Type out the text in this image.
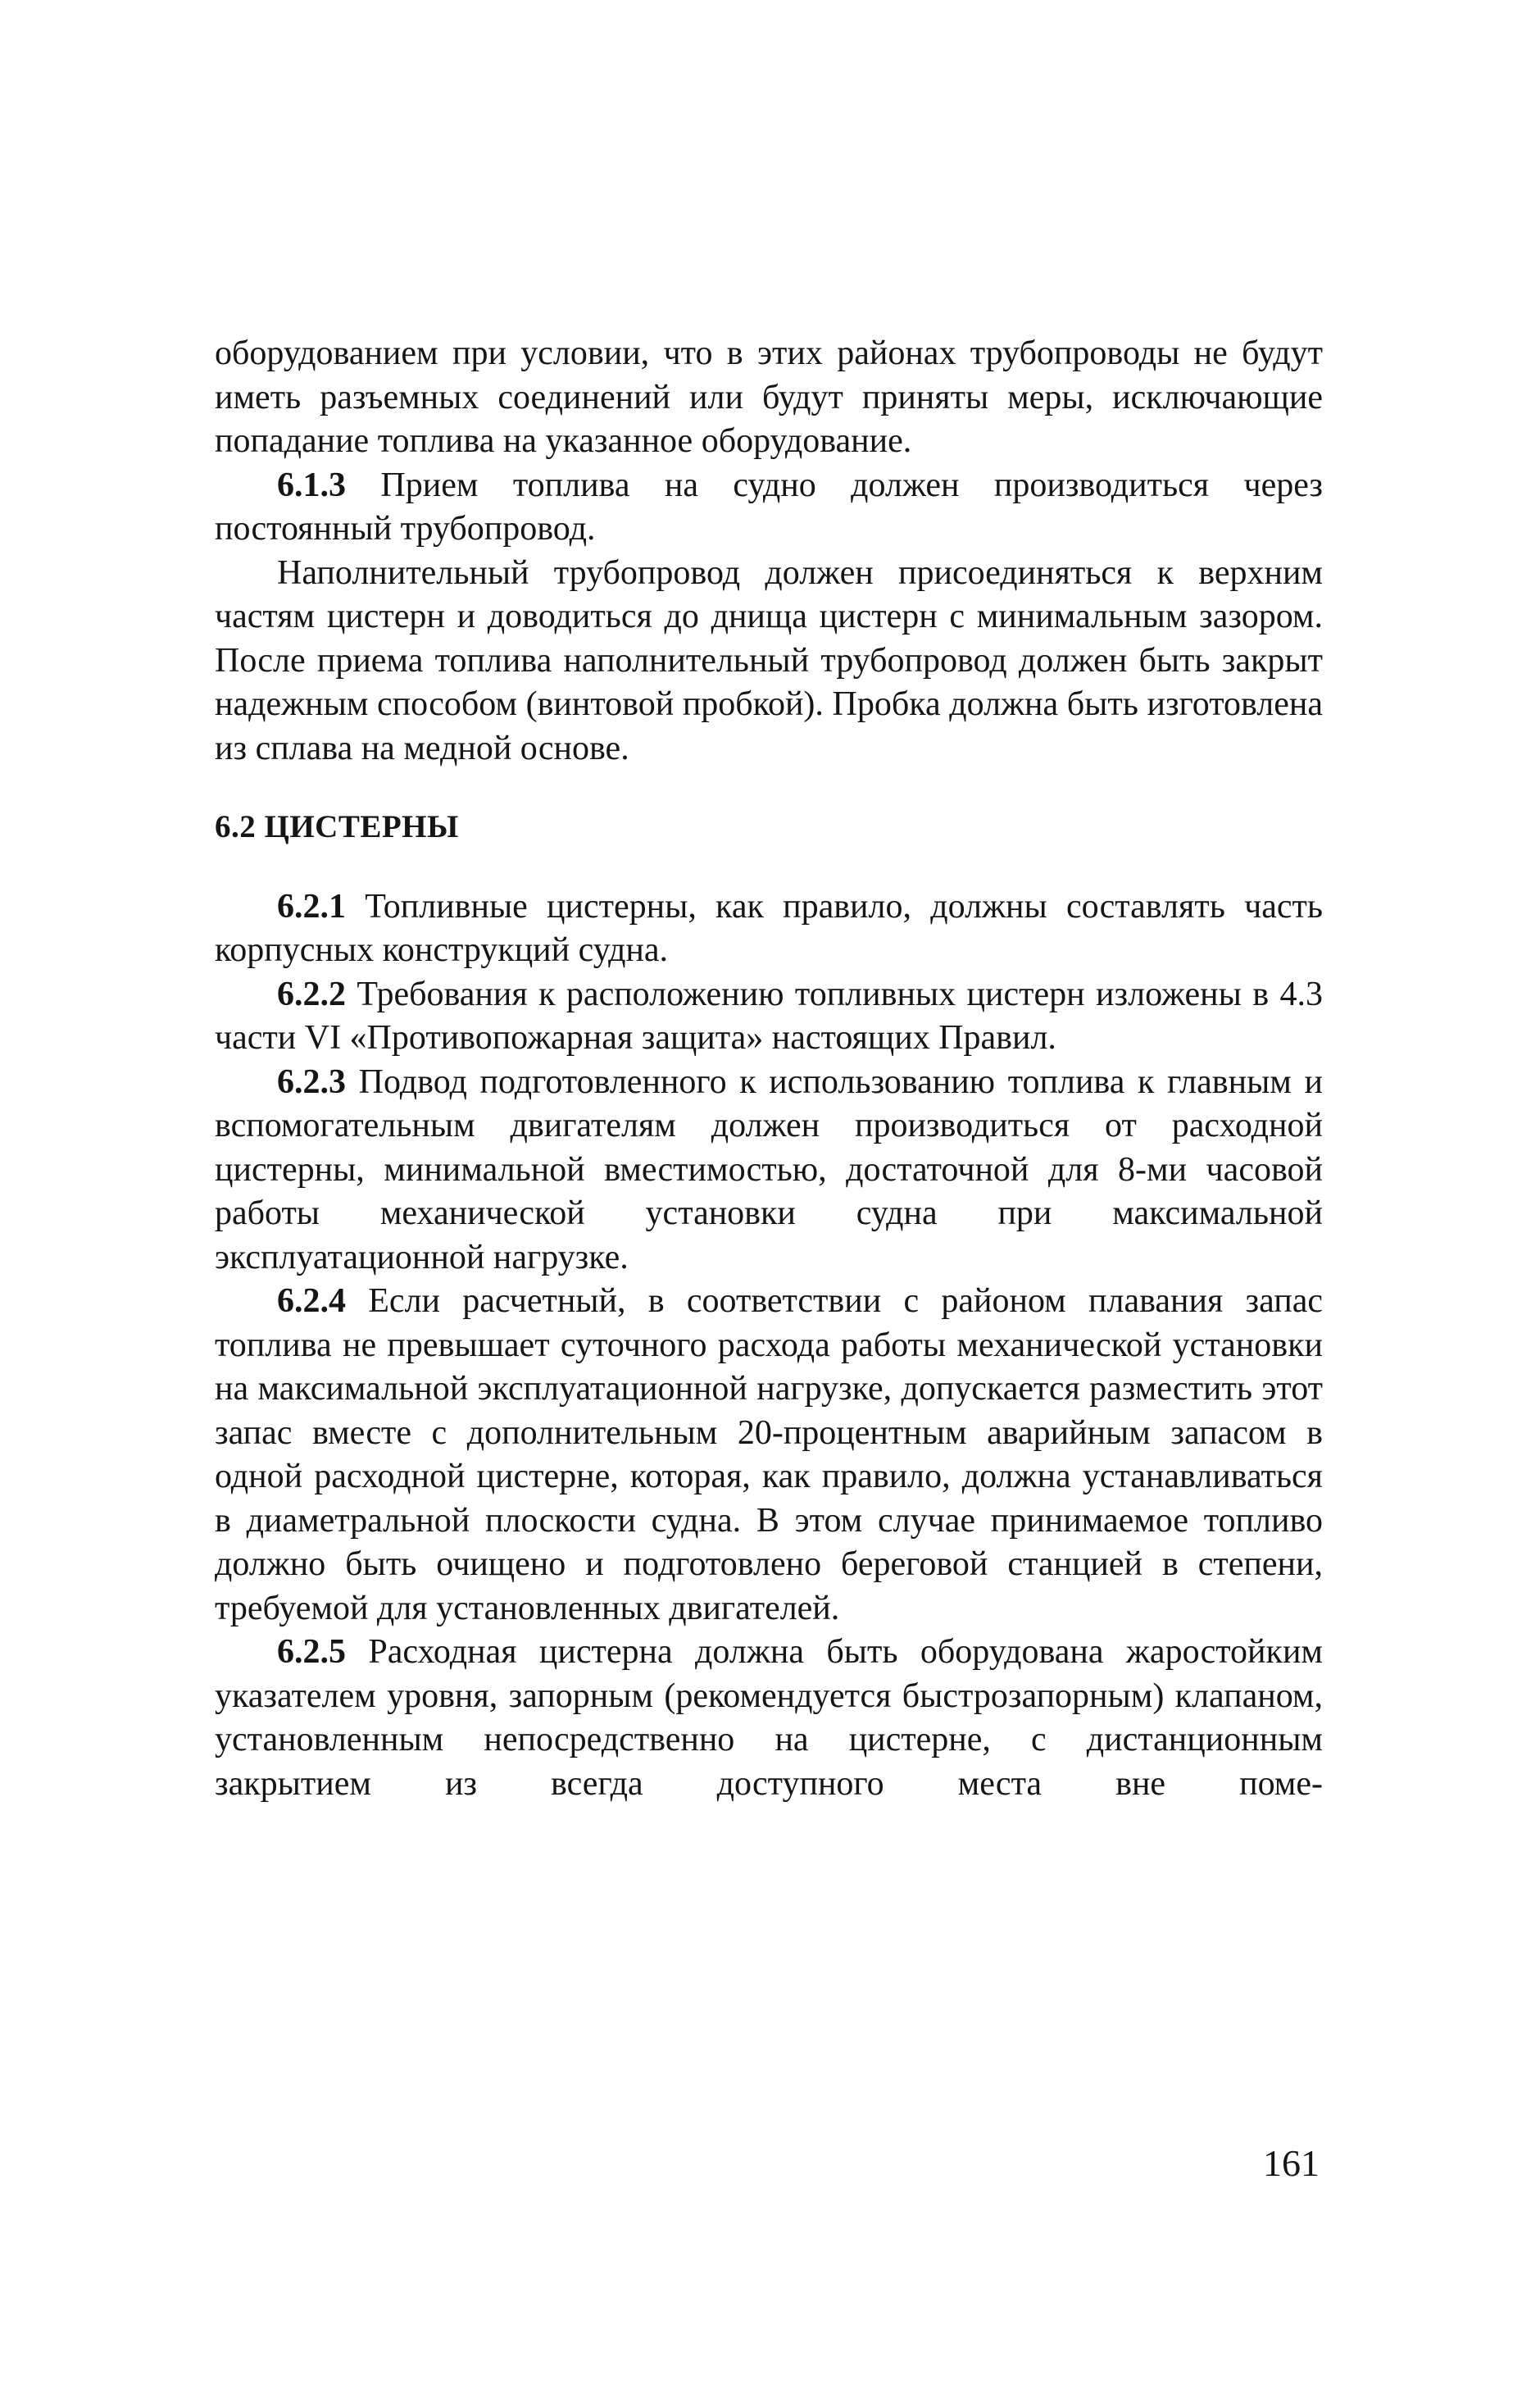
оборудованием при условии, что в этих районах трубопроводы не будут иметь разъемных соединений или будут приняты меры, исключающие попадание топлива на указанное оборудование.

6.1.3 Прием топлива на судно должен производиться через постоянный трубопровод.

Наполнительный трубопровод должен присоединяться к верхним частям цистерн и доводиться до днища цистерн с минимальным зазором. После приема топлива наполнительный трубопровод должен быть закрыт надежным способом (винтовой пробкой). Пробка должна быть изготовлена из сплава на медной основе.

6.2 ЦИСТЕРНЫ

6.2.1 Топливные цистерны, как правило, должны составлять часть корпусных конструкций судна.

6.2.2 Требования к расположению топливных цистерн изложены в 4.3 части VI «Противопожарная защита» настоящих Правил.

6.2.3 Подвод подготовленного к использованию топлива к главным и вспомогательным двигателям должен производиться от расходной цистерны, минимальной вместимостью, достаточной для 8-ми часовой работы механической установки судна при максимальной эксплуатационной нагрузке.

6.2.4 Если расчетный, в соответствии с районом плавания запас топлива не превышает суточного расхода работы механической установки на максимальной эксплуатационной нагрузке, допускается разместить этот запас вместе с дополнительным 20-процентным аварийным запасом в одной расходной цистерне, которая, как правило, должна устанавливаться в диаметральной плоскости судна. В этом случае принимаемое топливо должно быть очищено и подготовлено береговой станцией в степени, требуемой для установленных двигателей.

6.2.5 Расходная цистерна должна быть оборудована жаростойким указателем уровня, запорным (рекомендуется быстрозапорным) клапаном, установленным непосредственно на цистерне, с дистанционным закрытием из всегда доступного места вне поме-

161
